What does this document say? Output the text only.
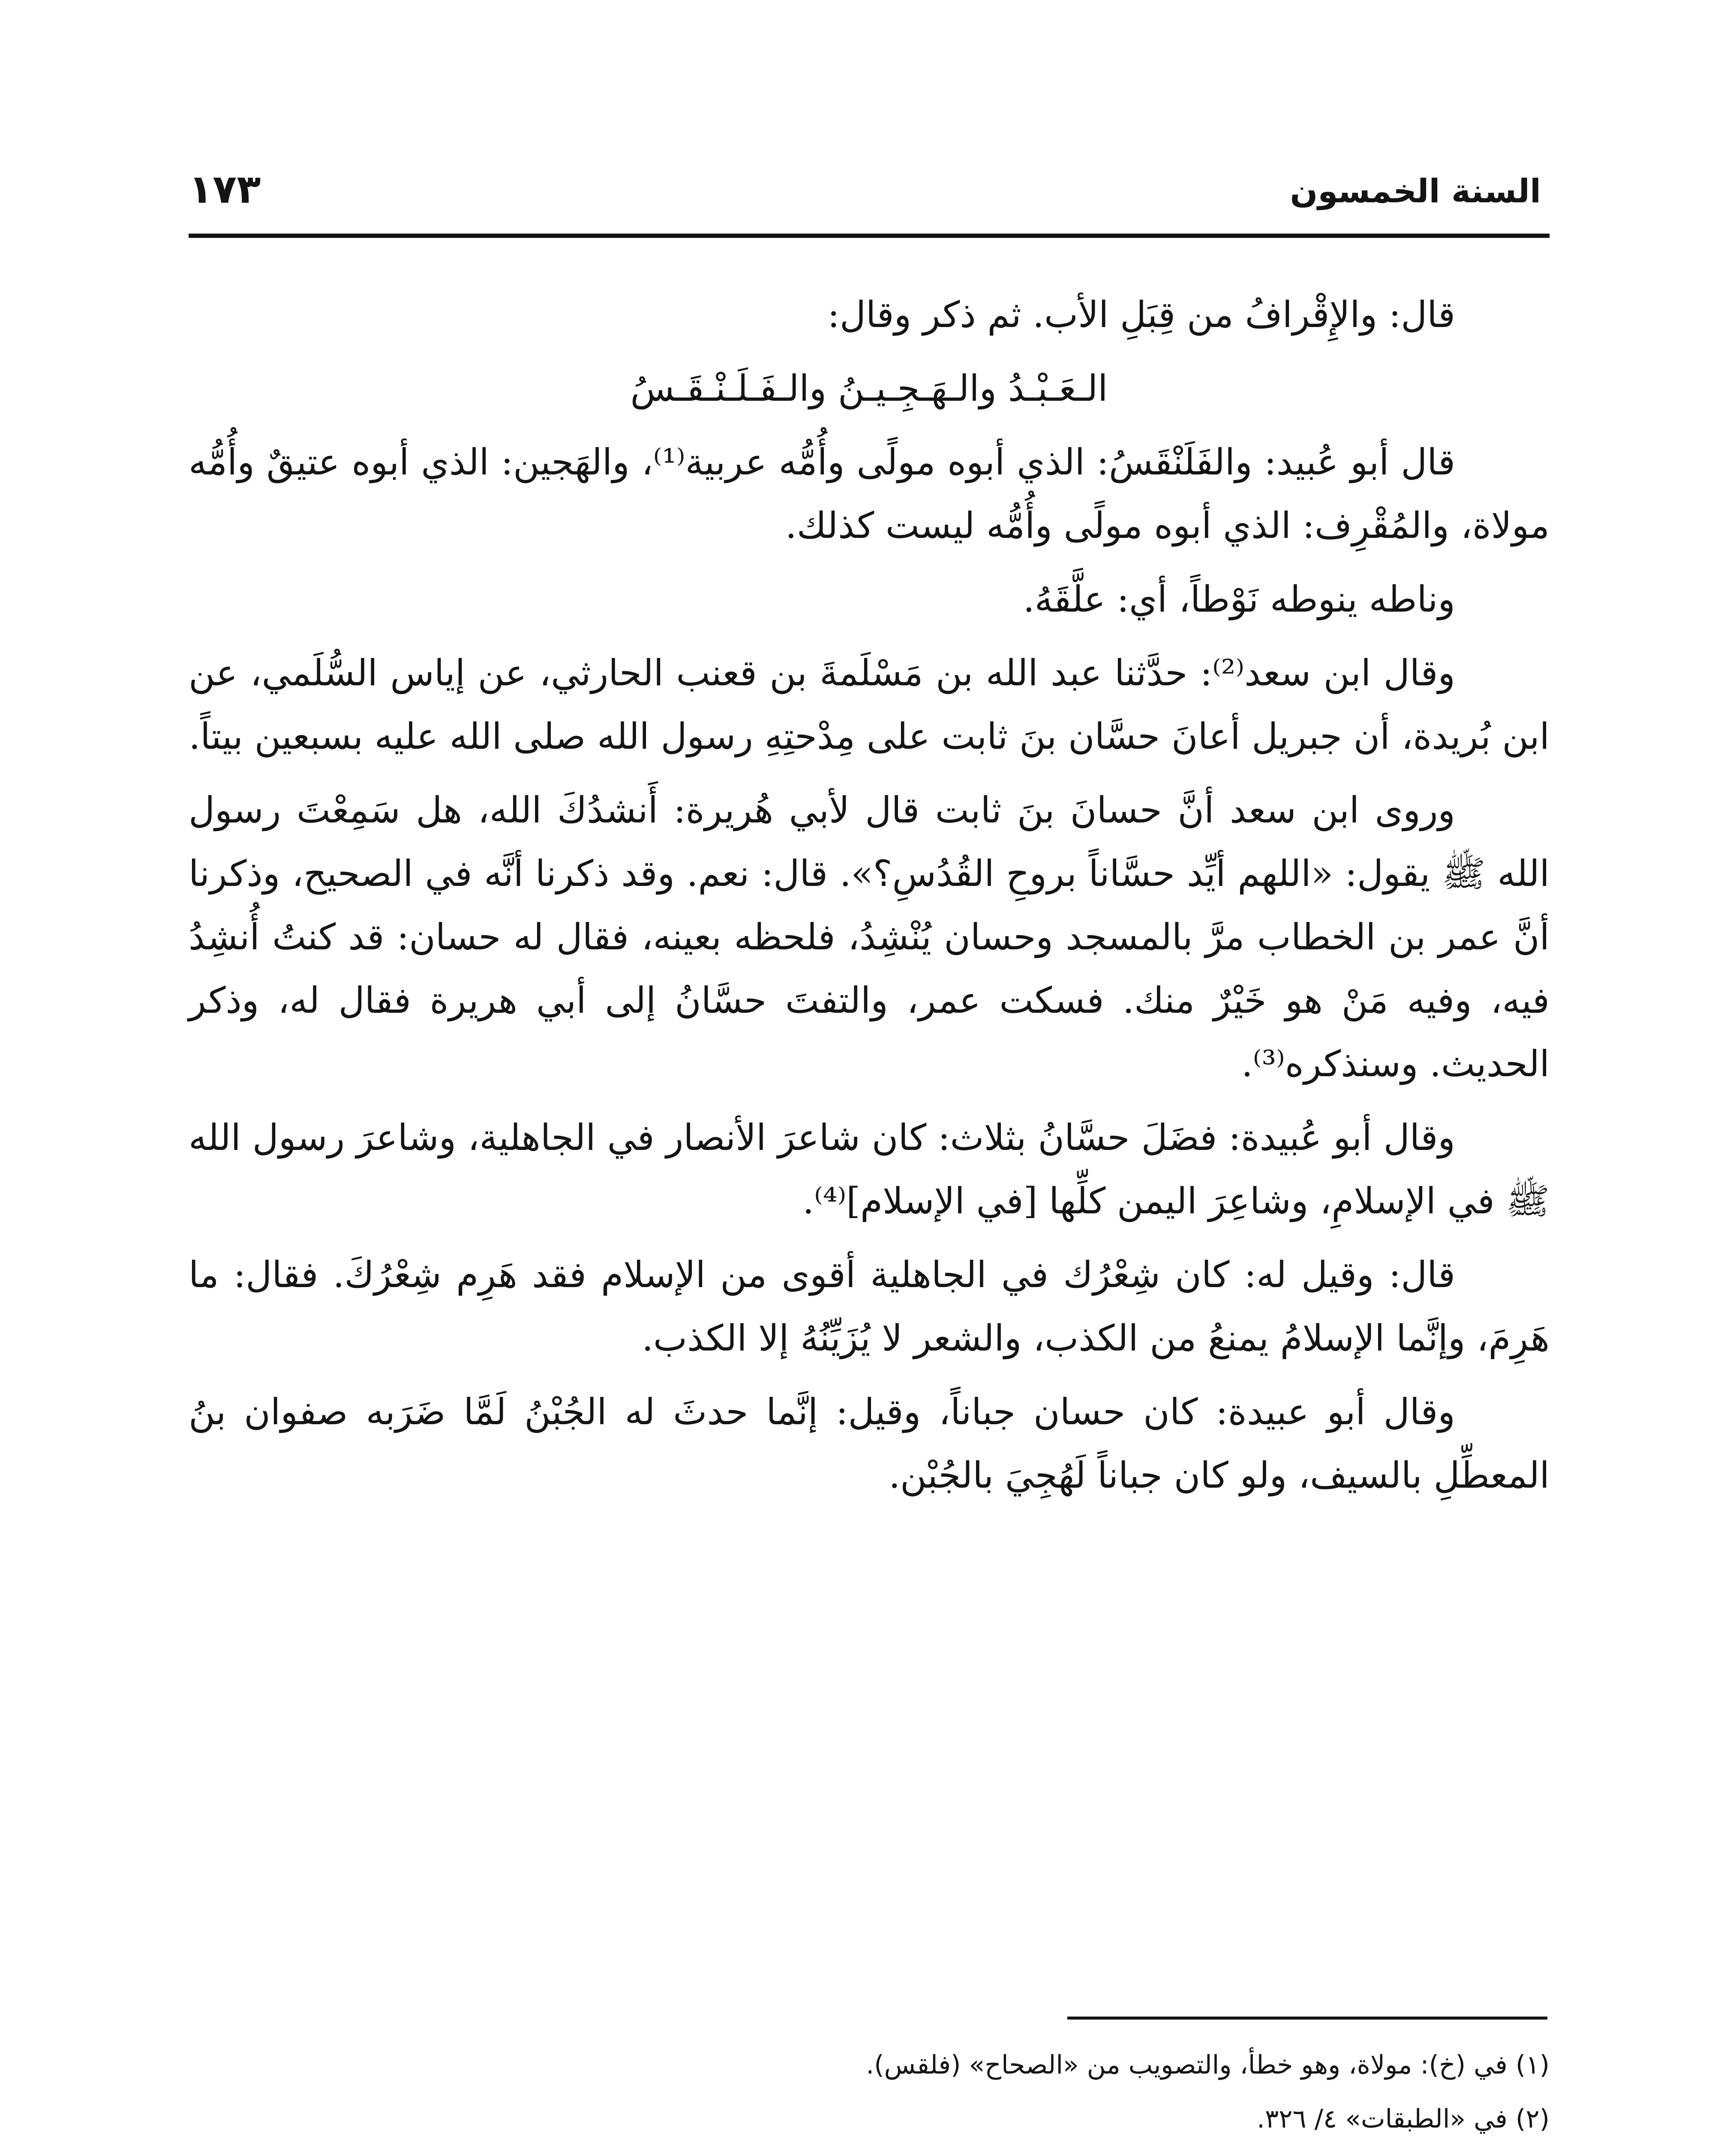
السنة الخمسون
١٧٣

قال: والإِقْرافُ من قِبَلِ الأب. ثم ذكر وقال:

الـعَـبْـدُ والـهَـجِـيـنُ والـفَـلَـنْـقَـسُ

قال أبو عُبيد: والفَلَنْقَسُ: الذي أبوه مولًى وأُمُّه عربية⁽¹⁾، والهَجين: الذي أبوه عتيقٌ وأُمُّه مولاة، والمُقْرِف: الذي أبوه مولًى وأُمُّه ليست كذلك.

وناطه ينوطه نَوْطاً، أي: علَّقَهُ.

وقال ابن سعد⁽²⁾: حدَّثنا عبد الله بن مَسْلَمةَ بن قعنب الحارثي، عن إياس السُّلَمي، عن ابن بُريدة، أن جبريل أعانَ حسَّان بنَ ثابت على مِدْحتِهِ رسول الله صلى الله عليه بسبعين بيتاً.

وروى ابن سعد أنَّ حسانَ بنَ ثابت قال لأبي هُريرة: أَنشدُكَ الله، هل سَمِعْتَ رسول الله ﷺ يقول: «اللهم أيِّد حسَّاناً بروحِ القُدُسِ؟». قال: نعم. وقد ذكرنا أنَّه في الصحيح، وذكرنا أنَّ عمر بن الخطاب مرَّ بالمسجد وحسان يُنْشِدُ، فلحظه بعينه، فقال له حسان: قد كنتُ أُنشِدُ فيه، وفيه مَنْ هو خَيْرٌ منك. فسكت عمر، والتفتَ حسَّانُ إلى أبي هريرة فقال له، وذكر الحديث. وسنذكره⁽³⁾.

وقال أبو عُبيدة: فضَلَ حسَّانُ بثلاث: كان شاعرَ الأنصار في الجاهلية، وشاعرَ رسول الله ﷺ في الإسلامِ، وشاعِرَ اليمن كلِّها [في الإسلام]⁽⁴⁾.

قال: وقيل له: كان شِعْرُك في الجاهلية أقوى من الإسلام فقد هَرِم شِعْرُكَ. فقال: ما هَرِمَ، وإنَّما الإسلامُ يمنعُ من الكذب، والشعر لا يُزَيِّنُهُ إلا الكذب.

وقال أبو عبيدة: كان حسان جباناً، وقيل: إنَّما حدثَ له الجُبْنُ لَمَّا ضَرَبه صفوان بنُ المعطِّلِ بالسيف، ولو كان جباناً لَهُجِيَ بالجُبْن.

(١) في (خ): مولاة، وهو خطأ، والتصويب من «الصحاح» (فلقس).

(٢) في «الطبقات» ٤/ ٣٢٦.
